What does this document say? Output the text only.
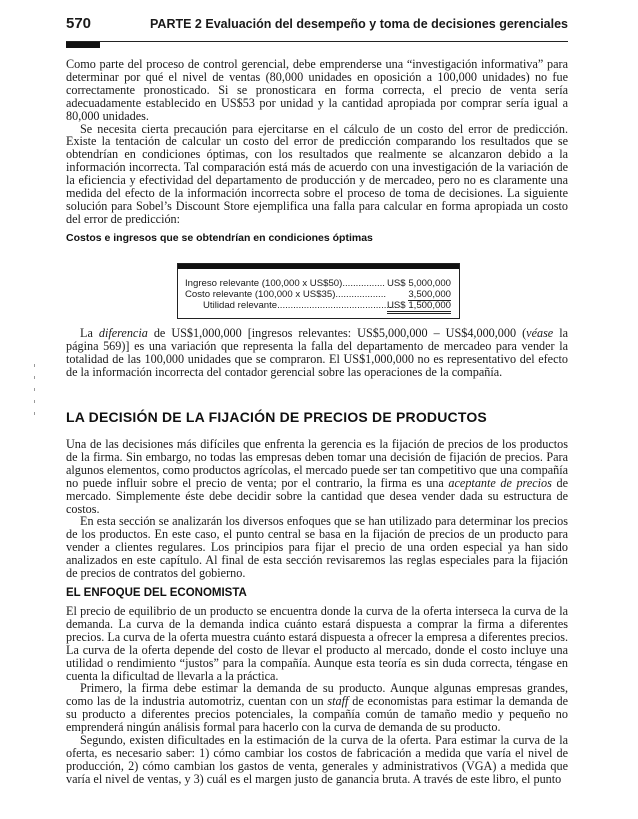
570	PARTE 2 Evaluación del desempeño y toma de decisiones gerenciales

Como parte del proceso de control gerencial, debe emprenderse una “investigación informativa” para determinar por qué el nivel de ventas (80,000 unidades en oposición a 100,000 unidades) no fue correctamente pronosticado. Si se pronosticara en forma correcta, el precio de venta sería adecuadamente establecido en US$53 por unidad y la cantidad apropiada por comprar sería igual a 80,000 unidades.

Se necesita cierta precaución para ejercitarse en el cálculo de un costo del error de predicción. Existe la tentación de calcular un costo del error de predicción comparando los resultados que se obtendrían en condiciones óptimas, con los resultados que realmente se alcanzaron debido a la información incorrecta. Tal comparación está más de acuerdo con una investigación de la variación de la eficiencia y efectividad del departamento de producción y de mercadeo, pero no es claramente una medida del efecto de la información incorrecta sobre el proceso de toma de decisiones. La siguiente solución para Sobel’s Discount Store ejemplifica una falla para calcular en forma apropiada un costo del error de predicción:

Costos e ingresos que se obtendrían en condiciones óptimas
Ingreso relevante (100,000 x US$50)................ US$ 5,000,000
Costo relevante (100,000 x US$35)................... 3,500,000
Utilidad relevante.............................................
US$ 1,500,000

La diferencia de US$1,000,000 [ingresos relevantes: US$5,000,000 – US$4,000,000 (véase la página 569)] es una variación que representa la falla del departamento de mercadeo para vender la totalidad de las 100,000 unidades que se compraron. El US$1,000,000 no es representativo del efecto de la información incorrecta del contador gerencial sobre las operaciones de la compañía.

LA DECISIÓN DE LA FIJACIÓN DE PRECIOS DE PRODUCTOS

Una de las decisiones más difíciles que enfrenta la gerencia es la fijación de precios de los productos de la firma. Sin embargo, no todas las empresas deben tomar una decisión de fijación de precios. Para algunos elementos, como productos agrícolas, el mercado puede ser tan competitivo que una compañía no puede influir sobre el precio de venta; por el contrario, la firma es una aceptante de precios de mercado. Simplemente éste debe decidir sobre la cantidad que desea vender dada su estructura de costos.

En esta sección se analizarán los diversos enfoques que se han utilizado para determinar los precios de los productos. En este caso, el punto central se basa en la fijación de precios de un producto para vender a clientes regulares. Los principios para fijar el precio de una orden especial ya han sido analizados en este capítulo. Al final de esta sección revisaremos las reglas especiales para la fijación de precios de contratos del gobierno.

EL ENFOQUE DEL ECONOMISTA

El precio de equilibrio de un producto se encuentra donde la curva de la oferta interseca la curva de la demanda. La curva de la demanda indica cuánto estará dispuesta a comprar la firma a diferentes precios. La curva de la oferta muestra cuánto estará dispuesta a ofrecer la empresa a diferentes precios. La curva de la oferta depende del costo de llevar el producto al mercado, donde el costo incluye una utilidad o rendimiento “justos” para la compañía. Aunque esta teoría es sin duda correcta, téngase en cuenta la dificultad de llevarla a la práctica.

Primero, la firma debe estimar la demanda de su producto. Aunque algunas empresas grandes, como las de la industria automotriz, cuentan con un staff de economistas para estimar la demanda de su producto a diferentes precios potenciales, la compañía común de tamaño medio y pequeño no emprenderá ningún análisis formal para hacerlo con la curva de demanda de su producto.

Segundo, existen dificultades en la estimación de la curva de la oferta. Para estimar la curva de la oferta, es necesario saber: 1) cómo cambiar los costos de fabricación a medida que varía el nivel de producción, 2) cómo cambian los gastos de venta, generales y administrativos (VGA) a medida que varía el nivel de ventas, y 3) cuál es el margen justo de ganancia bruta. A través de este libro, el punto
